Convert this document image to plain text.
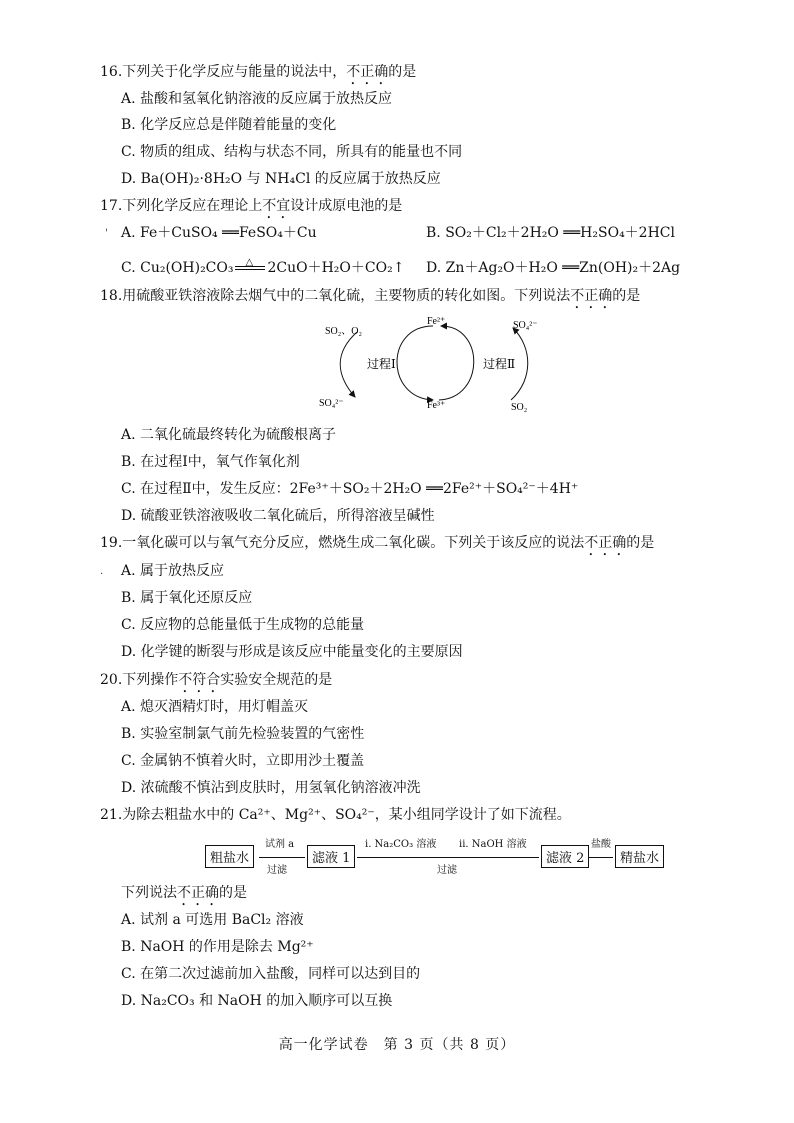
16.下列关于化学反应与能量的说法中，不正确的是
A. 盐酸和氢氧化钠溶液的反应属于放热反应
B. 化学反应总是伴随着能量的变化
C. 物质的组成、结构与状态不同，所具有的能量也不同
D. Ba(OH)₂·8H₂O 与 NH₄Cl 的反应属于放热反应
17.下列化学反应在理论上不宜设计成原电池的是
' A. Fe＋CuSO₄ ══FeSO₄＋Cu	B. SO₂＋Cl₂＋2H₂O ══H₂SO₄＋2HCl
C. Cu₂(OH)₂CO₃ △ 2CuO＋H₂O＋CO₂↑ D. Zn＋Ag₂O＋H₂O ══Zn(OH)₂＋2Ag
18.用硫酸亚铁溶液除去烟气中的二氧化硫，主要物质的转化如图。下列说法不正确的是
SO₂、O₂
Fe²⁺	SO₄²⁻
过程Ⅰ	过程Ⅱ
SO₄²⁻	Fe³⁺	SO₂
A. 二氧化硫最终转化为硫酸根离子
B. 在过程Ⅰ中，氧气作氧化剂
C. 在过程Ⅱ中，发生反应：2Fe³⁺＋SO₂＋2H₂O ══2Fe²⁺＋SO₄²⁻＋4H⁺
D. 硫酸亚铁溶液吸收二氧化硫后，所得溶液呈碱性
19.一氧化碳可以与氧气充分反应，燃烧生成二氧化碳。下列关于该反应的说法不正确的是
. A. 属于放热反应
B. 属于氧化还原反应
C. 反应物的总能量低于生成物的总能量
D. 化学键的断裂与形成是该反应中能量变化的主要原因
20.下列操作不符合实验安全规范的是
A. 熄灭酒精灯时，用灯帽盖灭
B. 实验室制氯气前先检验装置的气密性
C. 金属钠不慎着火时，立即用沙土覆盖
D. 浓硫酸不慎沾到皮肤时，用氢氧化钠溶液冲洗
21.为除去粗盐水中的 Ca²⁺、Mg²⁺、SO₄²⁻，某小组同学设计了如下流程。
粗盐水
试剂 a
过滤
滤液 1
i. Na₂CO₃ 溶液 ii. NaOH 溶液
过滤
滤液 2
盐酸
精盐水
下列说法不正确的是
A. 试剂 a 可选用 BaCl₂ 溶液
B. NaOH 的作用是除去 Mg²⁺
C. 在第二次过滤前加入盐酸，同样可以达到目的
D. Na₂CO₃ 和 NaOH 的加入顺序可以互换
高一化学试卷　第 3 页（共 8 页）
